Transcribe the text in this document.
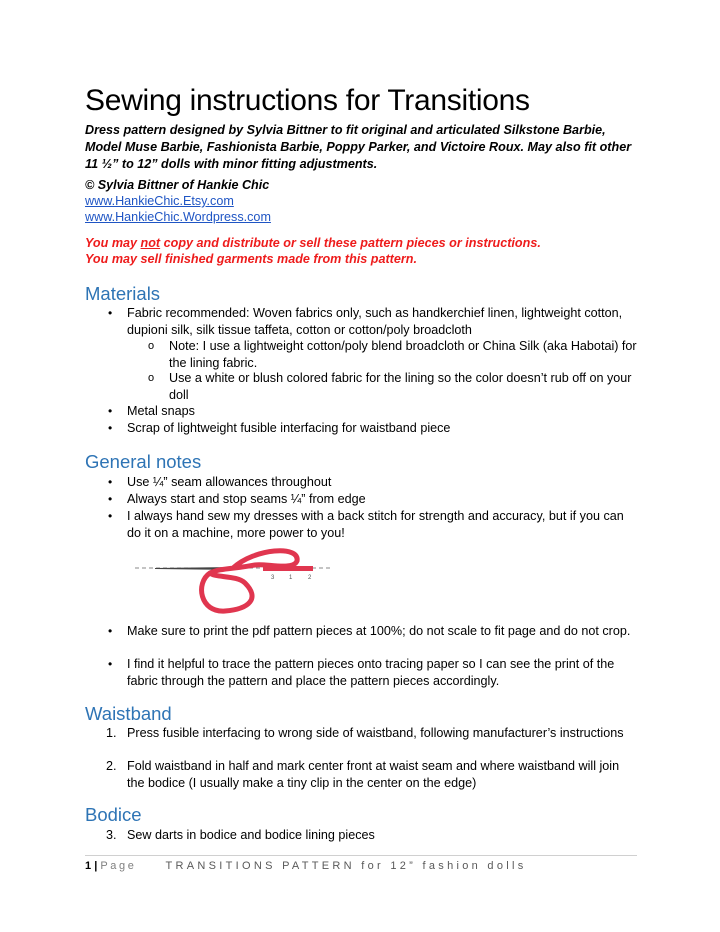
Sewing instructions for Transitions

Dress pattern designed by Sylvia Bittner to fit original and articulated Silkstone Barbie, Model Muse Barbie, Fashionista Barbie, Poppy Parker, and Victoire Roux. May also fit other 11 ½” to 12” dolls with minor fitting adjustments.

© Sylvia Bittner of Hankie Chic
www.HankieChic.Etsy.com
www.HankieChic.Wordpress.com
You may not copy and distribute or sell these pattern pieces or instructions.
You may sell finished garments made from this pattern.
Materials
• Fabric recommended: Woven fabrics only, such as handkerchief linen, lightweight cotton, dupioni silk, silk tissue taffeta, cotton or cotton/poly broadcloth
o Note: I use a lightweight cotton/poly blend broadcloth or China Silk (aka Habotai) for the lining fabric.
o Use a white or blush colored fabric for the lining so the color doesn’t rub off on your doll
• Metal snaps
• Scrap of lightweight fusible interfacing for waistband piece
General notes
• Use ¼” seam allowances throughout
• Always start and stop seams ¼” from edge
• I always hand sew my dresses with a back stitch for strength and accuracy, but if you can do it on a machine, more power to you!
3 1	2
• Make sure to print the pdf pattern pieces at 100%; do not scale to fit page and do not crop.
• I find it helpful to trace the pattern pieces onto tracing paper so I can see the print of the fabric through the pattern and place the pattern pieces accordingly.
Waistband
1. Press fusible interfacing to wrong side of waistband, following manufacturer’s instructions
2. Fold waistband in half and mark center front at waist seam and where waistband will join the bodice (I usually make a tiny clip in the center on the edge)
Bodice
3. Sew darts in bodice and bodice lining pieces
1 | Page	TRANSITIONS PATTERN for 12” fashion dolls
